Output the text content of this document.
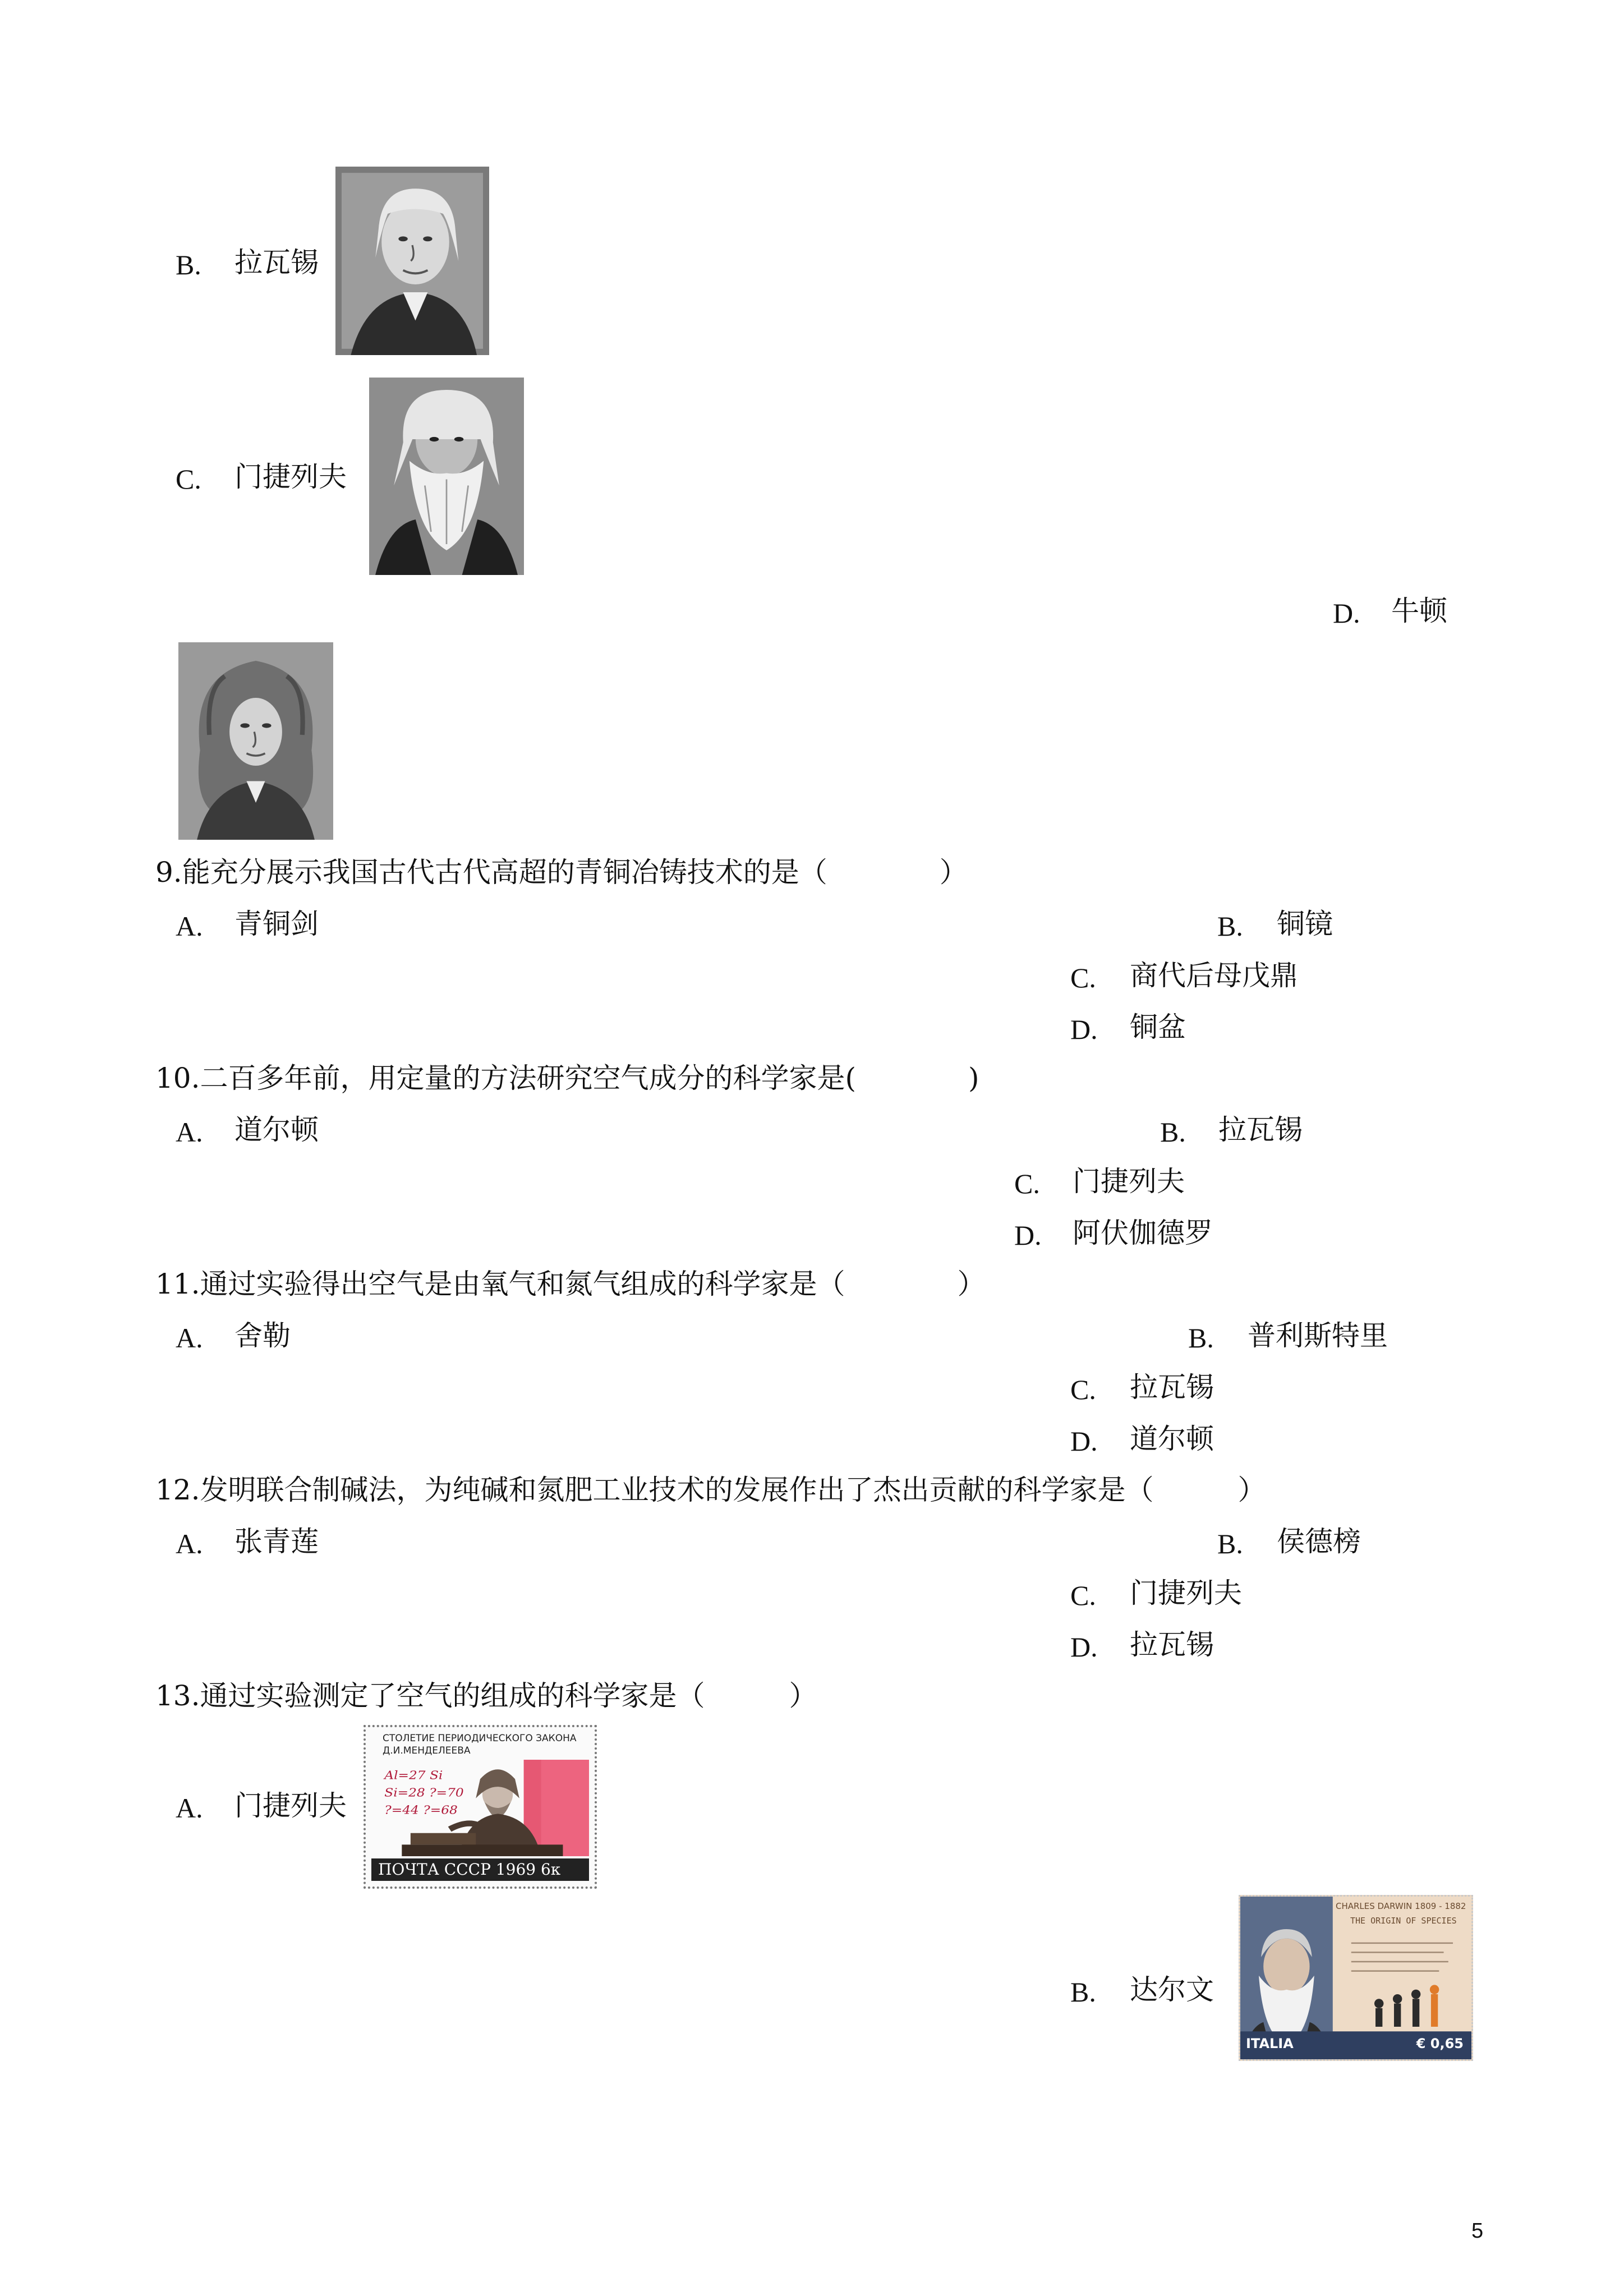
B. 拉瓦锡
C. 门捷列夫
D. 牛顿
9.能充分展示我国古代古代高超的青铜冶铸技术的是（　　　　）
A. 青铜剑	B. 铜镜
C. 商代后母戊鼎
D. 铜盆
10.二百多年前，用定量的方法研究空气成分的科学家是(　　　　)
A. 道尔顿	B. 拉瓦锡
C. 门捷列夫
D. 阿伏伽德罗
11.通过实验得出空气是由氧气和氮气组成的科学家是（　　　　）
A. 舍勒	B. 普利斯特里
C. 拉瓦锡
D. 道尔顿
12.发明联合制碱法，为纯碱和氮肥工业技术的发展作出了杰出贡献的科学家是（　　　）
A. 张青莲	B. 侯德榜
C. 门捷列夫
D. 拉瓦锡
13.通过实验测定了空气的组成的科学家是（　　　）
A. 门捷列夫
СТОЛЕТИЕ ПЕРИОДИЧЕСКОГО ЗАКОНА
Д.И.МЕНДЕЛЕЕВА
Al=27 Si
Si=28 ?=70
?=44 ?=68
ПОЧТА СССР 1969 6к
B. 达尔文
CHARLES DARWIN 1809 - 1882
THE ORIGIN OF SPECIES
ITALIA	€ 0,65
5
